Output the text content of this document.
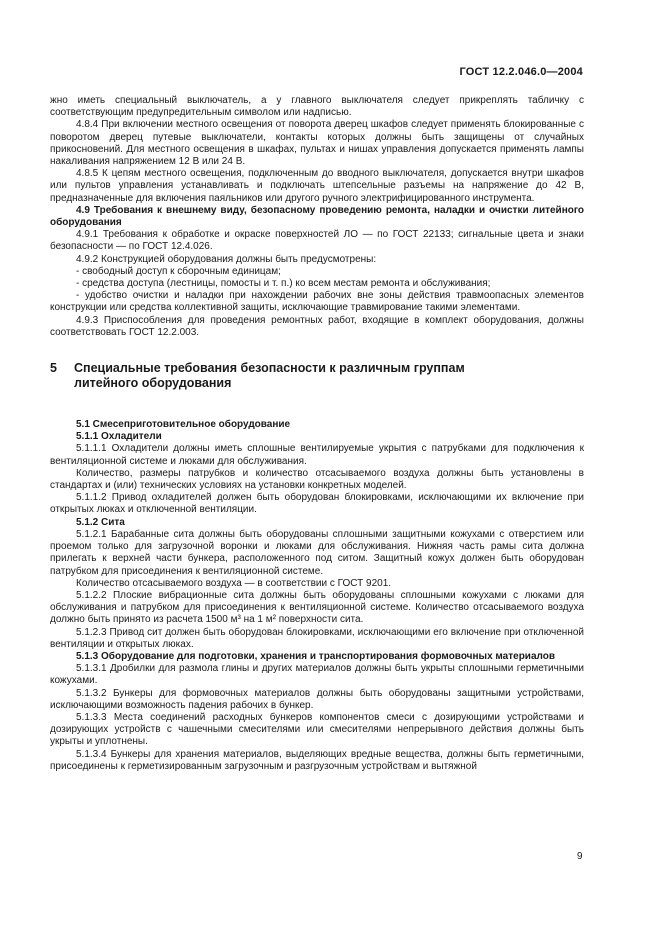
ГОСТ 12.2.046.0—2004

жно иметь специальный выключатель, а у главного выключателя следует прикреплять табличку с соответствующим предупредительным символом или надписью.

4.8.4 При включении местного освещения от поворота дверец шкафов следует применять блокированные с поворотом дверец путевые выключатели, контакты которых должны быть защищены от случайных прикосновений. Для местного освещения в шкафах, пультах и нишах управления допускается применять лампы накаливания напряжением 12 В или 24 В.

4.8.5 К цепям местного освещения, подключенным до вводного выключателя, допускается внутри шкафов или пультов управления устанавливать и подключать штепсельные разъемы на напряжение до 42 В, предназначенные для включения паяльников или другого ручного электрифицированного инструмента.

4.9 Требования к внешнему виду, безопасному проведению ремонта, наладки и очистки литейного оборудования

4.9.1 Требования к обработке и окраске поверхностей ЛО — по ГОСТ 22133; сигнальные цвета и знаки безопасности — по ГОСТ 12.4.026.

4.9.2 Конструкцией оборудования должны быть предусмотрены:

- свободный доступ к сборочным единицам;

- средства доступа (лестницы, помосты и т. п.) ко всем местам ремонта и обслуживания;

- удобство очистки и наладки при нахождении рабочих вне зоны действия травмоопасных элементов конструкции или средства коллективной защиты, исключающие травмирование такими элементами.

4.9.3 Приспособления для проведения ремонтных работ, входящие в комплект оборудования, должны соответствовать ГОСТ 12.2.003.

5 Специальные требования безопасности к различным группам
литейного оборудования

5.1 Смесеприготовительное оборудование

5.1.1 Охладители

5.1.1.1 Охладители должны иметь сплошные вентилируемые укрытия с патрубками для подключения к вентиляционной системе и люками для обслуживания.

Количество, размеры патрубков и количество отсасываемого воздуха должны быть установлены в стандартах и (или) технических условиях на установки конкретных моделей.

5.1.1.2 Привод охладителей должен быть оборудован блокировками, исключающими их включение при открытых люках и отключенной вентиляции.

5.1.2 Сита

5.1.2.1 Барабанные сита должны быть оборудованы сплошными защитными кожухами с отверстием или проемом только для загрузочной воронки и люками для обслуживания. Нижняя часть рамы сита должна прилегать к верхней части бункера, расположенного под ситом. Защитный кожух должен быть оборудован патрубком для присоединения к вентиляционной системе.

Количество отсасываемого воздуха — в соответствии с ГОСТ 9201.

5.1.2.2 Плоские вибрационные сита должны быть оборудованы сплошными кожухами с люками для обслуживания и патрубком для присоединения к вентиляционной системе. Количество отсасываемого воздуха должно быть принято из расчета 1500 м³ на 1 м² поверхности сита.

5.1.2.3 Привод сит должен быть оборудован блокировками, исключающими его включение при отключенной вентиляции и открытых люках.

5.1.3 Оборудование для подготовки, хранения и транспортирования формовочных материалов

5.1.3.1 Дробилки для размола глины и других материалов должны быть укрыты сплошными герметичными кожухами.

5.1.3.2 Бункеры для формовочных материалов должны быть оборудованы защитными устройствами, исключающими возможность падения рабочих в бункер.

5.1.3.3 Места соединений расходных бункеров компонентов смеси с дозирующими устройствами и дозирующих устройств с чашечными смесителями или смесителями непрерывного действия должны быть укрыты и уплотнены.

5.1.3.4 Бункеры для хранения материалов, выделяющих вредные вещества, должны быть герметичными, присоединены к герметизированным загрузочным и разгрузочным устройствам и вытяжной

9
